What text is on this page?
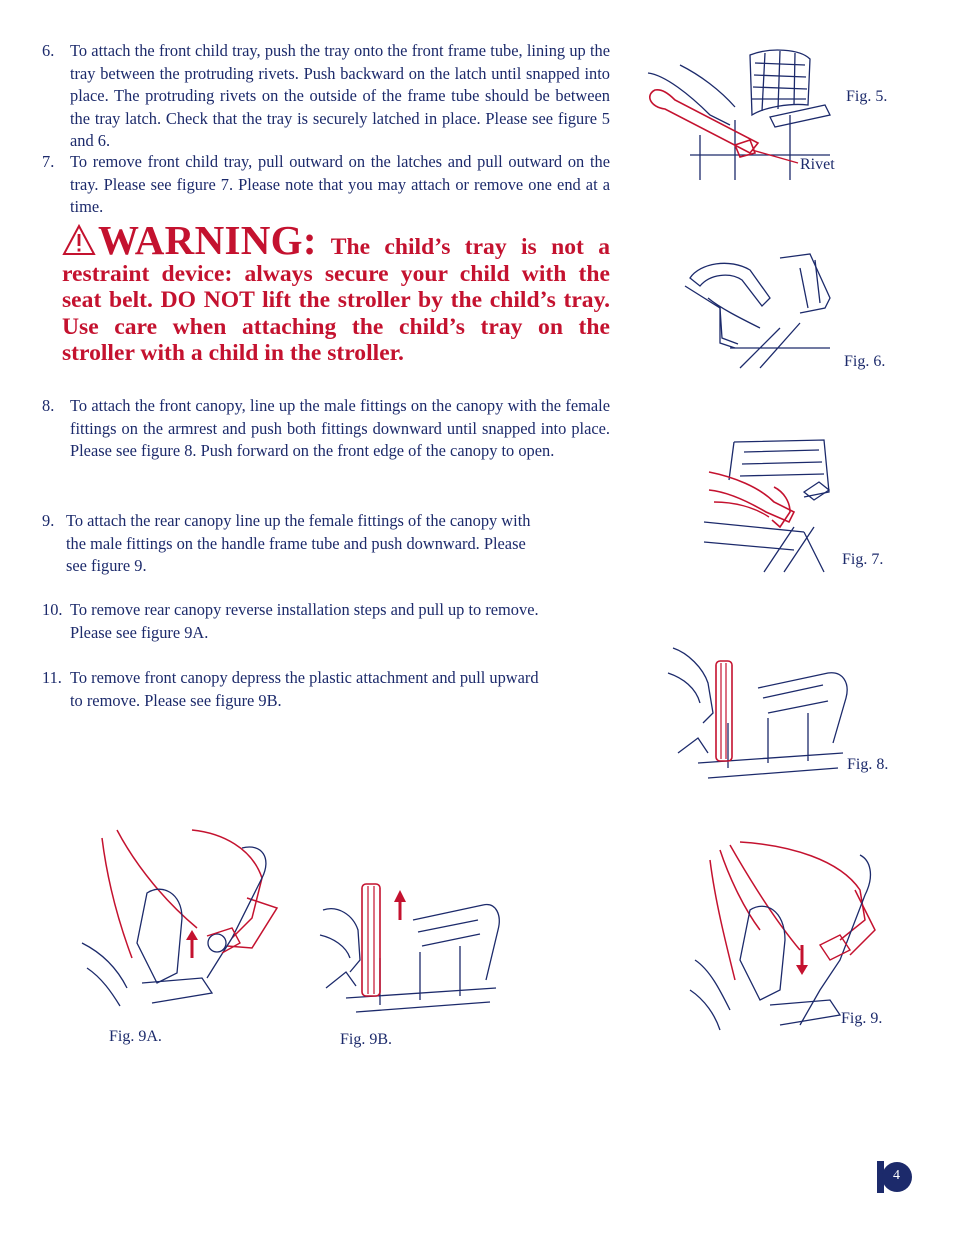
6. To attach the front child tray, push the tray onto the front frame tube, lining up the tray between the protruding rivets. Push backward on the latch until snapped into place. The protruding rivets on the outside of the frame tube should be between the tray latch. Check that the tray is securely latched in place. Please see figure 5 and 6.
7. To remove front child tray, pull outward on the latches and pull outward on the tray. Please see figure 7. Please note that you may attach or remove one end at a time.
WARNING: The child’s tray is not a restraint device: always secure your child with the seat belt. DO NOT lift the stroller by the child’s tray. Use care when attaching the child’s tray on the stroller with a child in the stroller.
8. To attach the front canopy, line up the male fittings on the canopy with the female fittings on the armrest and push both fittings downward until snapped into place. Please see figure 8. Push forward on the front edge of the canopy to open.
9. To attach the rear canopy line up the female fittings of the canopy with
the male fittings on the handle frame tube and push downward. Please
see figure 9.
10. To remove rear canopy reverse installation steps and pull up to remove.
Please see figure 9A.
11. To remove front canopy depress the plastic attachment and pull upward
to remove. Please see figure 9B.
Fig. 5.
Rivet
Fig. 6.
Fig. 7.
Fig. 8.
Fig. 9.
Fig. 9A.	Fig. 9B.
4
